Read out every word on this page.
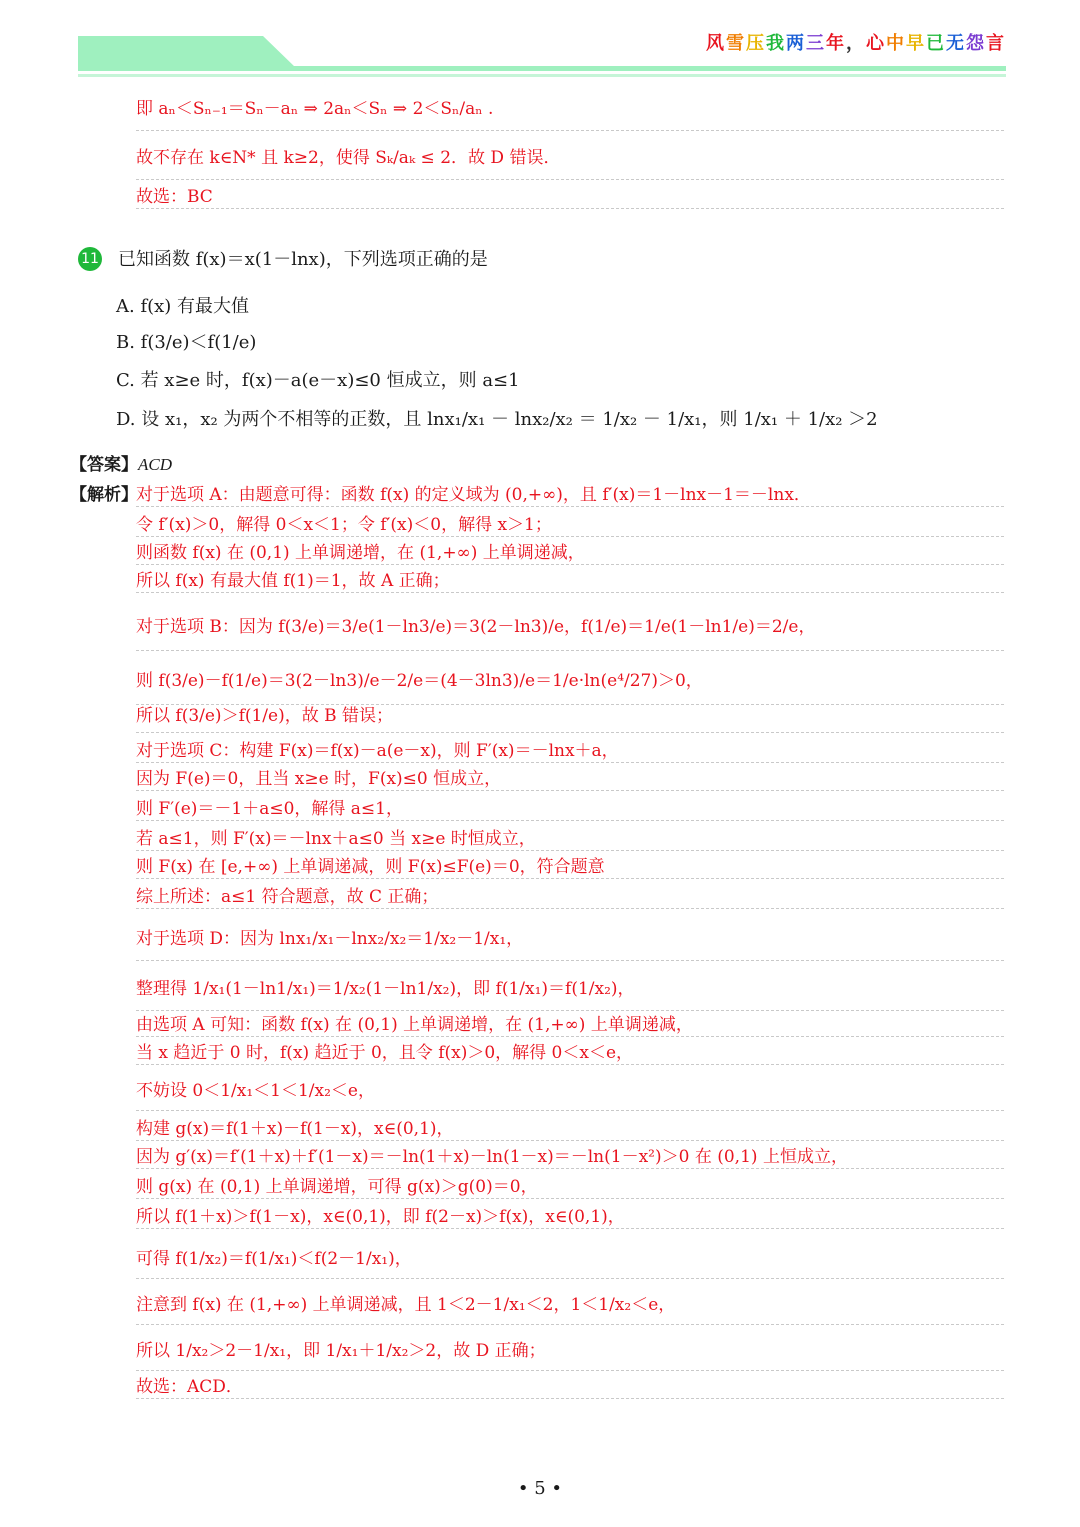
风雪压我两三年，心中早已无怨言
即 aₙ＜Sₙ₋₁＝Sₙ－aₙ ⇒ 2aₙ＜Sₙ ⇒ 2＜Sₙ/aₙ .
故不存在 k∈N* 且 k≥2，使得 Sₖ/aₖ ≤ 2．故 D 错误．
故选：BC
11 已知函数 f(x)＝x(1－lnx)，下列选项正确的是
A. f(x) 有最大值
B. f(3/e)＜f(1/e)
C. 若 x≥e 时，f(x)－a(e－x)≤0 恒成立，则 a≤1
D. 设 x₁，x₂ 为两个不相等的正数，且 lnx₁/x₁ － lnx₂/x₂ ＝ 1/x₂ － 1/x₁，则 1/x₁ ＋ 1/x₂ ＞2
【答案】ACD
【解析】
对于选项 A：由题意可得：函数 f(x) 的定义域为 (0,+∞)，且 f′(x)＝1－lnx－1＝－lnx．
令 f′(x)＞0，解得 0＜x＜1；令 f′(x)＜0，解得 x＞1；
则函数 f(x) 在 (0,1) 上单调递增，在 (1,+∞) 上单调递减，
所以 f(x) 有最大值 f(1)＝1，故 A 正确；
对于选项 B：因为 f(3/e)＝3/e(1－ln3/e)＝3(2－ln3)/e，f(1/e)＝1/e(1－ln1/e)＝2/e，
则 f(3/e)－f(1/e)＝3(2－ln3)/e－2/e＝(4－3ln3)/e＝1/e·ln(e⁴/27)＞0，
所以 f(3/e)＞f(1/e)，故 B 错误；
对于选项 C：构建 F(x)＝f(x)－a(e－x)，则 F′(x)＝－lnx＋a，
因为 F(e)＝0，且当 x≥e 时，F(x)≤0 恒成立，
则 F′(e)＝－1＋a≤0，解得 a≤1，
若 a≤1，则 F′(x)＝－lnx＋a≤0 当 x≥e 时恒成立，
则 F(x) 在 [e,+∞) 上单调递减，则 F(x)≤F(e)＝0，符合题意
综上所述：a≤1 符合题意，故 C 正确；
对于选项 D：因为 lnx₁/x₁－lnx₂/x₂＝1/x₂－1/x₁，
整理得 1/x₁(1－ln1/x₁)＝1/x₂(1－ln1/x₂)，即 f(1/x₁)＝f(1/x₂)，
由选项 A 可知：函数 f(x) 在 (0,1) 上单调递增，在 (1,+∞) 上单调递减，
当 x 趋近于 0 时，f(x) 趋近于 0，且令 f(x)＞0，解得 0＜x＜e，
不妨设 0＜1/x₁＜1＜1/x₂＜e，
构建 g(x)＝f(1＋x)－f(1－x)，x∈(0,1)，
因为 g′(x)＝f′(1＋x)＋f′(1－x)＝－ln(1＋x)－ln(1－x)＝－ln(1－x²)＞0 在 (0,1) 上恒成立，
则 g(x) 在 (0,1) 上单调递增，可得 g(x)＞g(0)＝0，
所以 f(1＋x)＞f(1－x)，x∈(0,1)，即 f(2－x)＞f(x)，x∈(0,1)，
可得 f(1/x₂)＝f(1/x₁)＜f(2－1/x₁)，
注意到 f(x) 在 (1,+∞) 上单调递减，且 1＜2－1/x₁＜2，1＜1/x₂＜e，
所以 1/x₂＞2－1/x₁，即 1/x₁＋1/x₂＞2，故 D 正确；
故选：ACD．
• 5 •
